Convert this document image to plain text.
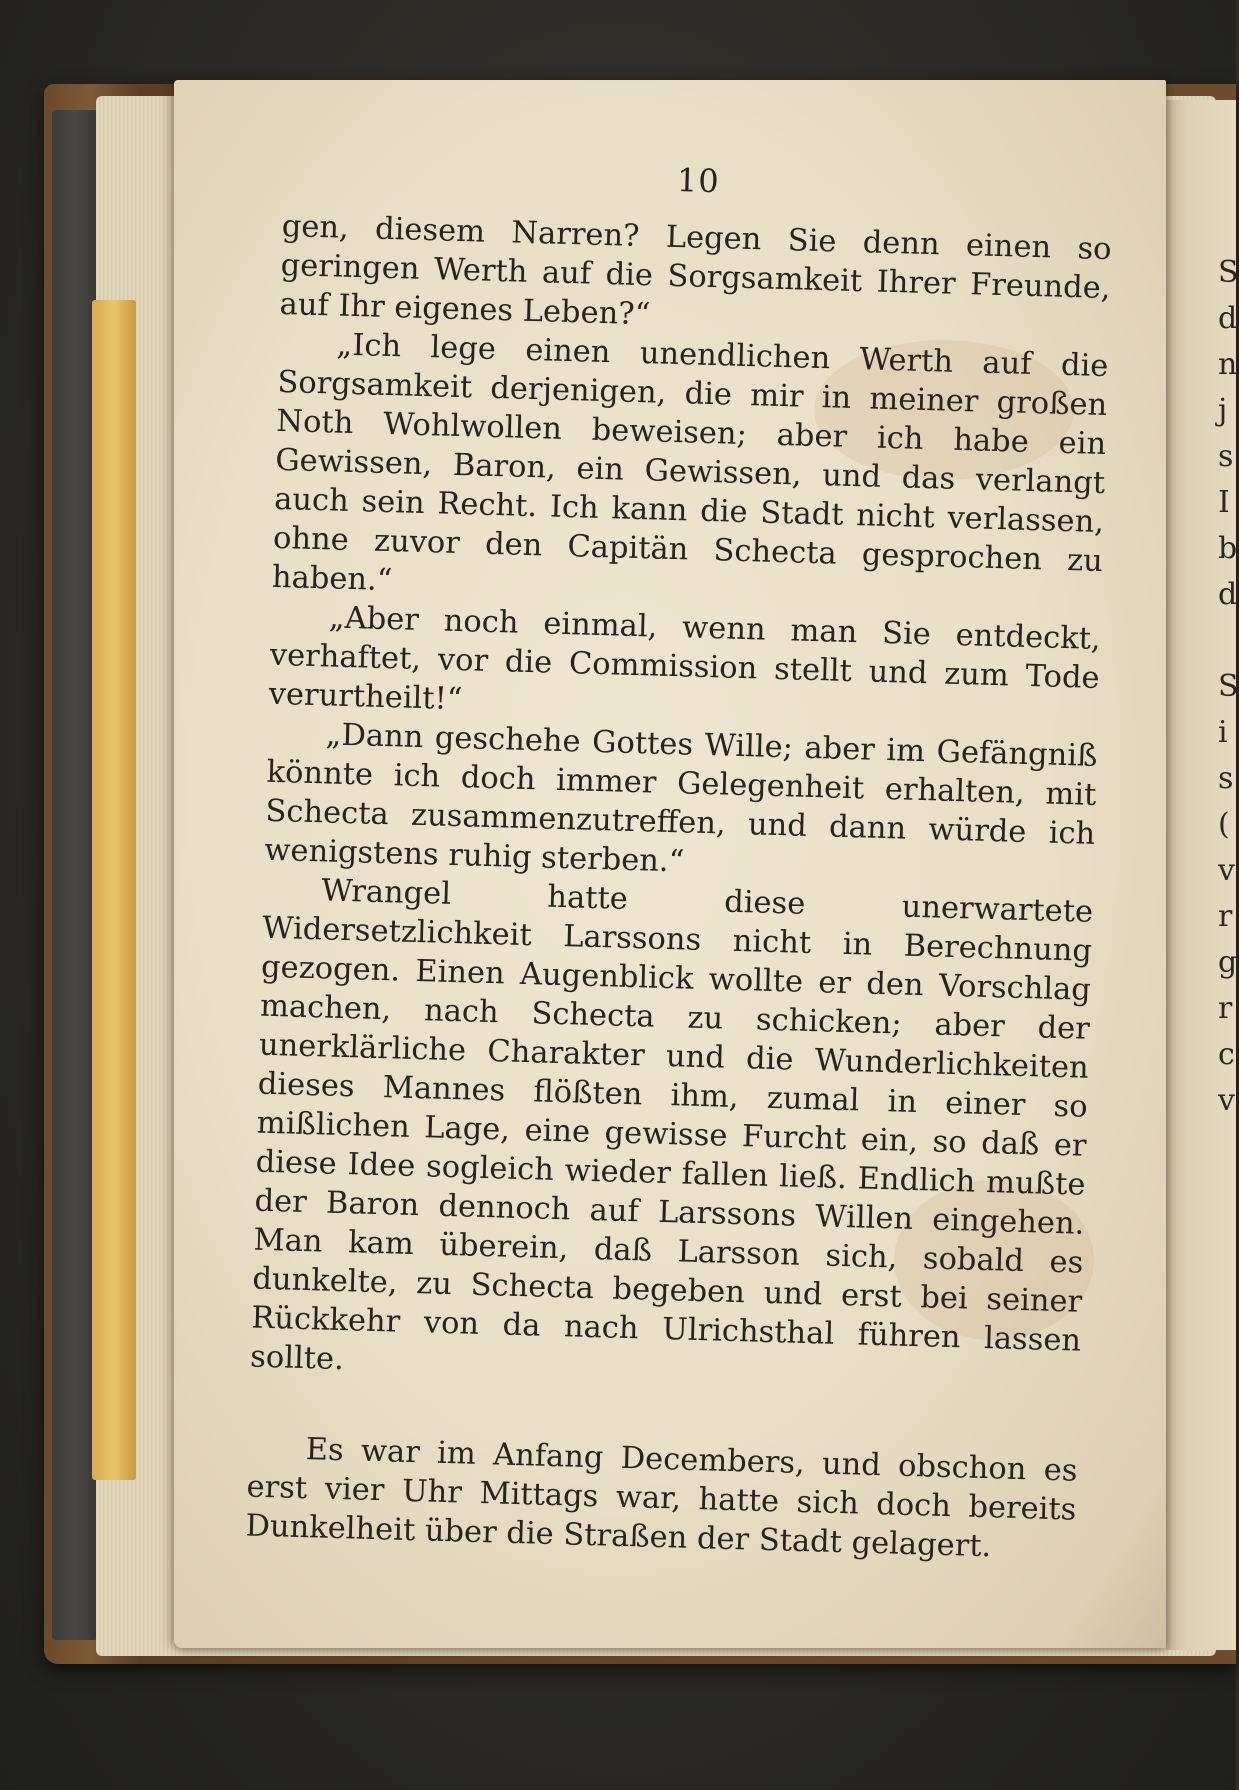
S
d
n
j
s
I
b
d

S
i
s
(
v
r
g
r
c
v
10

gen, diesem Narren? Legen Sie denn einen so geringen Werth auf die Sorgsamkeit Ihrer Freunde, auf Ihr eigenes Leben?“

„Ich lege einen unendlichen Werth auf die Sorgsamkeit derjenigen, die mir in meiner großen Noth Wohlwollen beweisen; aber ich habe ein Gewissen, Baron, ein Gewissen, und das verlangt auch sein Recht. Ich kann die Stadt nicht verlassen, ohne zuvor den Capitän Schecta gesprochen zu haben.“

„Aber noch einmal, wenn man Sie entdeckt, verhaftet, vor die Commission stellt und zum Tode verurtheilt!“

„Dann geschehe Gottes Wille; aber im Gefängniß könnte ich doch immer Gelegenheit erhalten, mit Schecta zusammenzutreffen, und dann würde ich wenigstens ruhig sterben.“

Wrangel hatte diese unerwartete Widersetzlichkeit Larssons nicht in Berechnung gezogen. Einen Augenblick wollte er den Vorschlag machen, nach Schecta zu schicken; aber der unerklärliche Charakter und die Wunderlichkeiten dieses Mannes flößten ihm, zumal in einer so mißlichen Lage, eine gewisse Furcht ein, so daß er diese Idee sogleich wieder fallen ließ. Endlich mußte der Baron dennoch auf Larssons Willen eingehen. Man kam überein, daß Larsson sich, sobald es dunkelte, zu Schecta begeben und erst bei seiner Rückkehr von da nach Ulrichsthal führen lassen sollte.

Es war im Anfang Decembers, und obschon es erst vier Uhr Mittags war, hatte sich doch bereits Dunkelheit über die Straßen der Stadt gelagert.
